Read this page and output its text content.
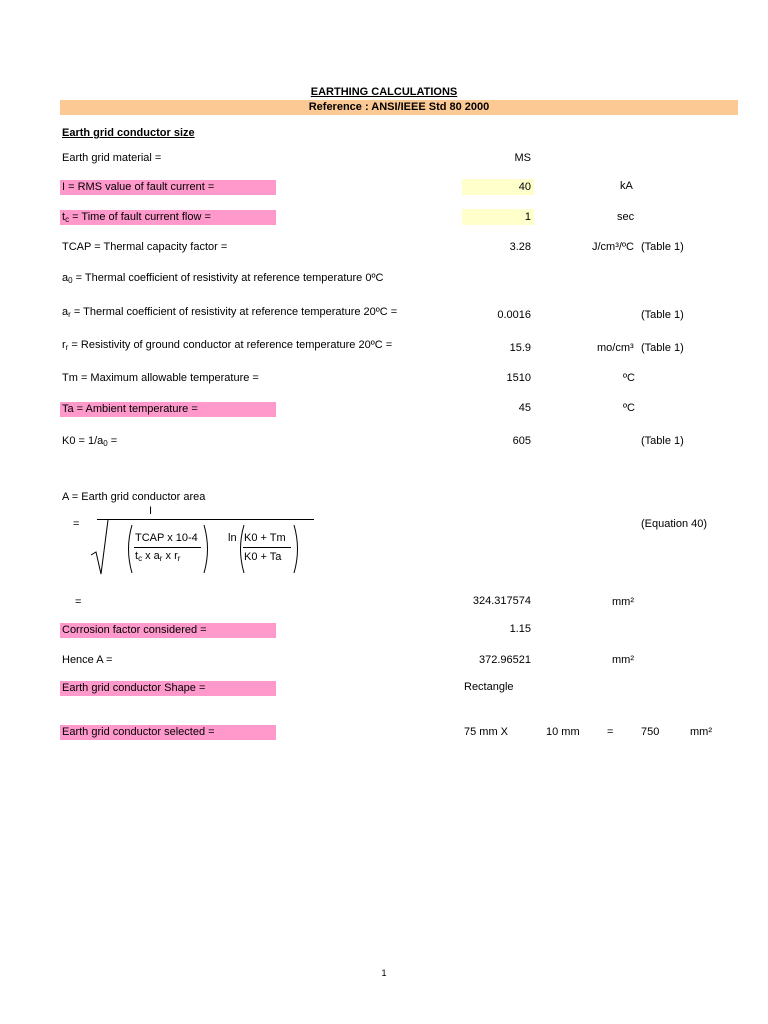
EARTHING CALCULATIONS
Reference : ANSI/IEEE Std 80 2000
Earth grid conductor size
Earth grid material =	MS
I = RMS value of fault current =	40	kA
$t_c$ = Time of fault current flow =	1	sec
TCAP = Thermal capacity factor =	3.28	J/cm³/ºC (Table 1)
$a_0$ = Thermal coefficient of resistivity at reference temperature 0ºC
$a_r$ = Thermal coefficient of resistivity at reference temperature 20ºC =	0.0016	(Table 1)
$r_r$ = Resistivity of ground conductor at reference temperature 20ºC =	15.9	mo/cm³ (Table 1)
Tm = Maximum allowable temperature =	1510	ºC
Ta = Ambient temperature =	45	ºC
$K0 = 1/a_0$ =	605	(Table 1)
A = Earth grid conductor area
=
I
TCAP x 10-4
$t_c$ x $a_r$ x $r_r$
ln K0 + Tm
K0 + Ta
(Equation 40)
=	324.317574	mm²
Corrosion factor considered =	1.15
Hence A =	372.96521	mm²
Earth grid conductor Shape =	Rectangle
Earth grid conductor selected =	75 mm X	10 mm =	750	mm²
1
